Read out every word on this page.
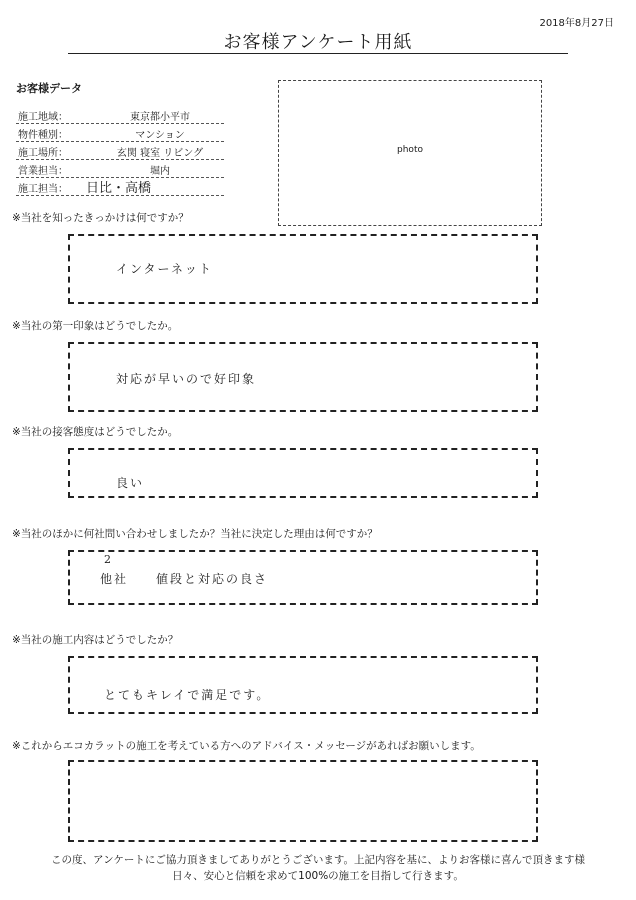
2018年8月27日
お客様アンケート用紙
お客様データ
施工地域：	東京都小平市
物件種別：	マンション
施工場所：	玄関 寝室 リビング
営業担当：	堀内
施工担当： 日比・高橋
photo
※当社を知ったきっかけは何ですか？
インターネット
※当社の第一印象はどうでしたか。
対応が早いので好印象
※当社の接客態度はどうでしたか。
良い
※当社のほかに何社問い合わせしましたか？当社に決定した理由は何ですか？
2
他社　　値段と対応の良さ
※当社の施工内容はどうでしたか？
とてもキレイで満足です。
※これからエコカラットの施工を考えている方へのアドバイス・メッセージがあればお願いします。
この度、アンケートにご協力頂きましてありがとうございます。上記内容を基に、よりお客様に喜んで頂きます様
日々、安心と信頼を求めて100%の施工を目指して行きます。
